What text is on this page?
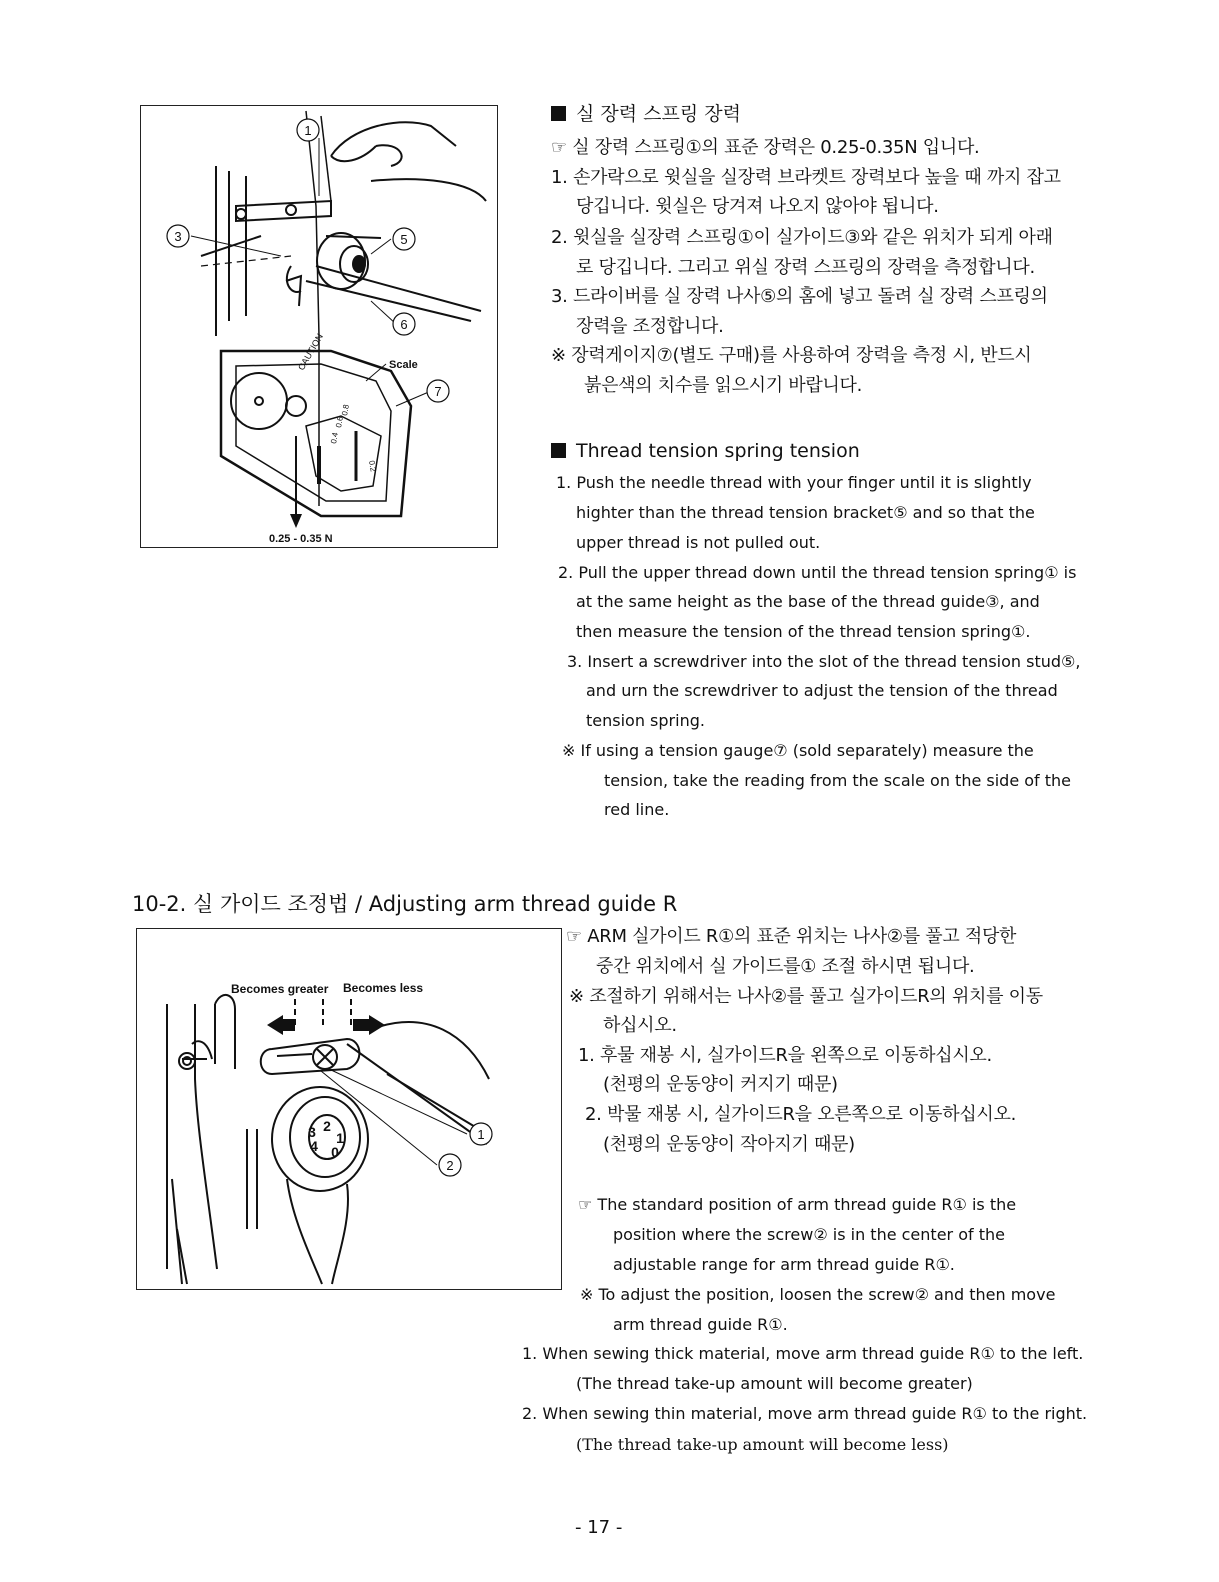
CAUTION
1
3	5
6
7
Scale
0.4
0.6
0.8
0.2
0.25 - 0.35 N
실 장력 스프링 장력
☞ 실 장력 스프링①의 표준 장력은 0.25-0.35N 입니다.
1. 손가락으로 윗실을 실장력 브라켓트 장력보다 높을 때 까지 잡고
당깁니다. 윗실은 당겨져 나오지 않아야 됩니다.
2. 윗실을 실장력 스프링①이 실가이드③와 같은 위치가 되게 아래
로 당깁니다. 그리고 위실 장력 스프링의 장력을 측정합니다.
3. 드라이버를 실 장력 나사⑤의 홈에 넣고 돌려 실 장력 스프링의
장력을 조정합니다.
※ 장력게이지⑦(별도 구매)를 사용하여 장력을 측정 시, 반드시
붉은색의 치수를 읽으시기 바랍니다.
Thread tension spring tension
1. Push the needle thread with your finger until it is slightly
highter than the thread tension bracket⑤ and so that the
upper thread is not pulled out.
2. Pull the upper thread down until the thread tension spring① is
at the same height as the base of the thread guide③, and
then measure the tension of the thread tension spring①.
3. Insert a screwdriver into the slot of the thread tension stud⑤,
and urn the screwdriver to adjust the tension of the thread
tension spring.
※ If using a tension gauge⑦ (sold separately) measure the
tension, take the reading from the scale on the side of the
red line.
10-2. 실 가이드 조정법 / Adjusting arm thread guide R
Becomes greater Becomes less
2
1
0
4
3	1
2
☞ ARM 실가이드 R①의 표준 위치는 나사②를 풀고 적당한
중간 위치에서 실 가이드를① 조절 하시면 됩니다.
※ 조절하기 위해서는 나사②를 풀고 실가이드R의 위치를 이동
하십시오.
1. 후물 재봉 시, 실가이드R을 왼쪽으로 이동하십시오.
(천평의 운동양이 커지기 때문)
2. 박물 재봉 시, 실가이드R을 오른쪽으로 이동하십시오.
(천평의 운동양이 작아지기 때문)
☞ The standard position of arm thread guide R① is the
position where the screw② is in the center of the
adjustable range for arm thread guide R①.
※ To adjust the position, loosen the screw② and then move
arm thread guide R①.
1. When sewing thick material, move arm thread guide R① to the left.
(The thread take-up amount will become greater)
2. When sewing thin material, move arm thread guide R① to the right.
(The thread take-up amount will become less)
- 17 -
